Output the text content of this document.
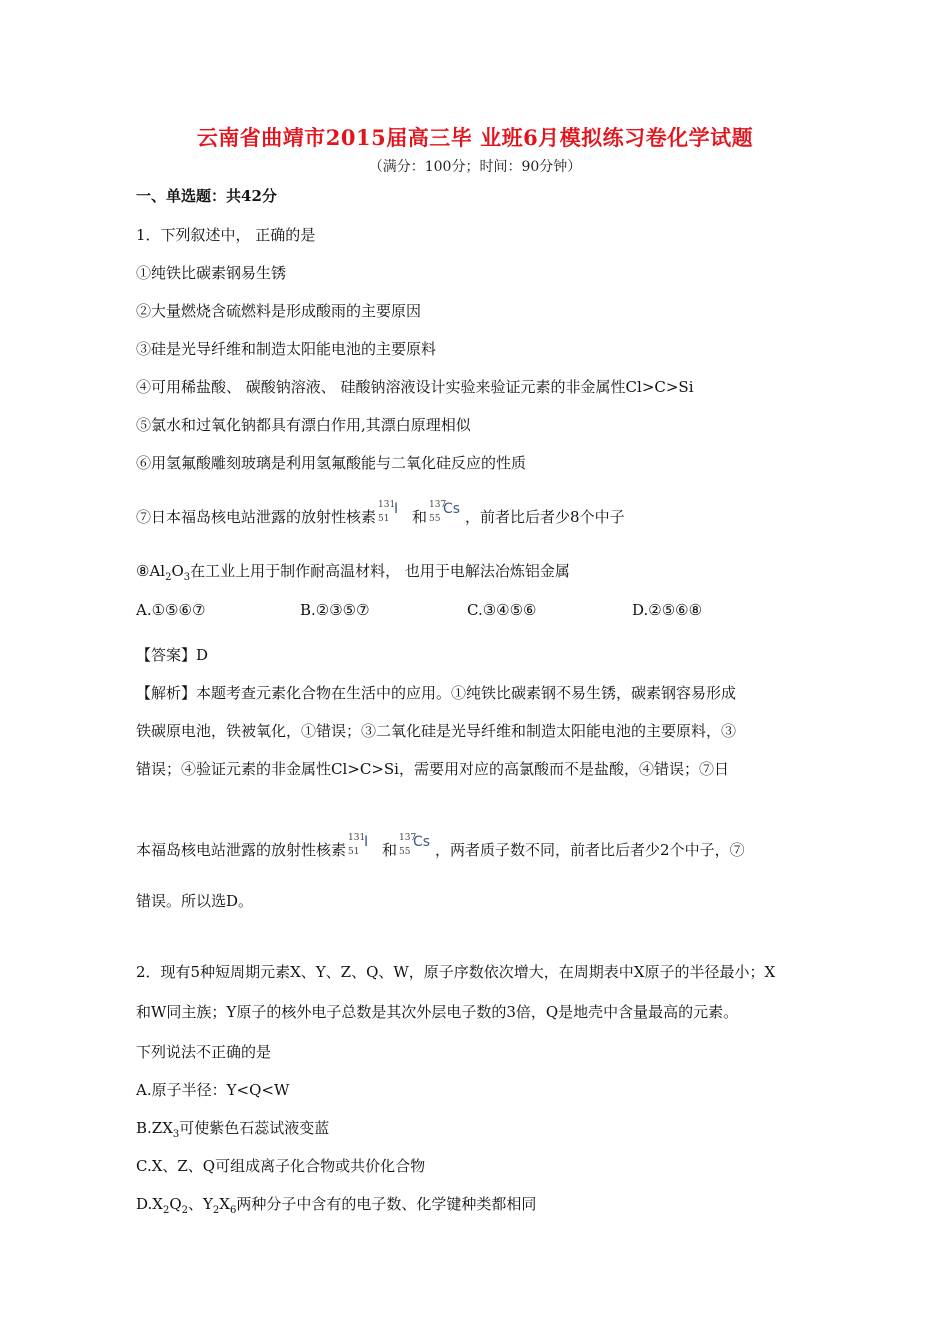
云南省曲靖市2015届高三毕 业班6月模拟练习卷化学试题
（满分：100分；时间：90分钟）
一、单选题：共42分
1．下列叙述中， 正确的是
①纯铁比碳素钢易生锈
②大量燃烧含硫燃料是形成酸雨的主要原因
③硅是光导纤维和制造太阳能电池的主要原料
④可用稀盐酸、 碳酸钠溶液、 硅酸钠溶液设计实验来验证元素的非金属性Cl>C>Si
⑤氯水和过氧化钠都具有漂白作用,其漂白原理相似
⑥用氢氟酸雕刻玻璃是利用氢氟酸能与二氧化硅反应的性质
⑦日本福岛核电站泄露的放射性核素
131
51
I 和
137
55
Cs ，前者比后者少8个中子
$⑧Al_2O_3$在工业上用于制作耐高温材料， 也用于电解法冶炼铝金属
A.①⑤⑥⑦	B.②③⑤⑦	C.③④⑤⑥	D.②⑤⑥⑧
【答案】D
【解析】本题考查元素化合物在生活中的应用。①纯铁比碳素钢不易生锈，碳素钢容易形成
铁碳原电池，铁被氧化，①错误；③二氧化硅是光导纤维和制造太阳能电池的主要原料，③
错误；④验证元素的非金属性Cl>C>Si，需要用对应的高氯酸而不是盐酸，④错误；⑦日
本福岛核电站泄露的放射性核素
131
51
I 和
137
55
Cs ，两者质子数不同，前者比后者少2个中子，⑦
错误。所以选D。
2．现有5种短周期元素X、Y、Z、Q、W，原子序数依次增大，在周期表中X原子的半径最小；X
和W同主族；Y原子的核外电子总数是其次外层电子数的3倍，Q是地壳中含量最高的元素。
下列说法不正确的是
A.原子半径：Y<Q<W
$B.ZX_3$可使紫色石蕊试液变蓝
C.X、Z、Q可组成离子化合物或共价化合物
$D.X_2Q_2$、$Y_2X_6$两种分子中含有的电子数、化学键种类都相同
